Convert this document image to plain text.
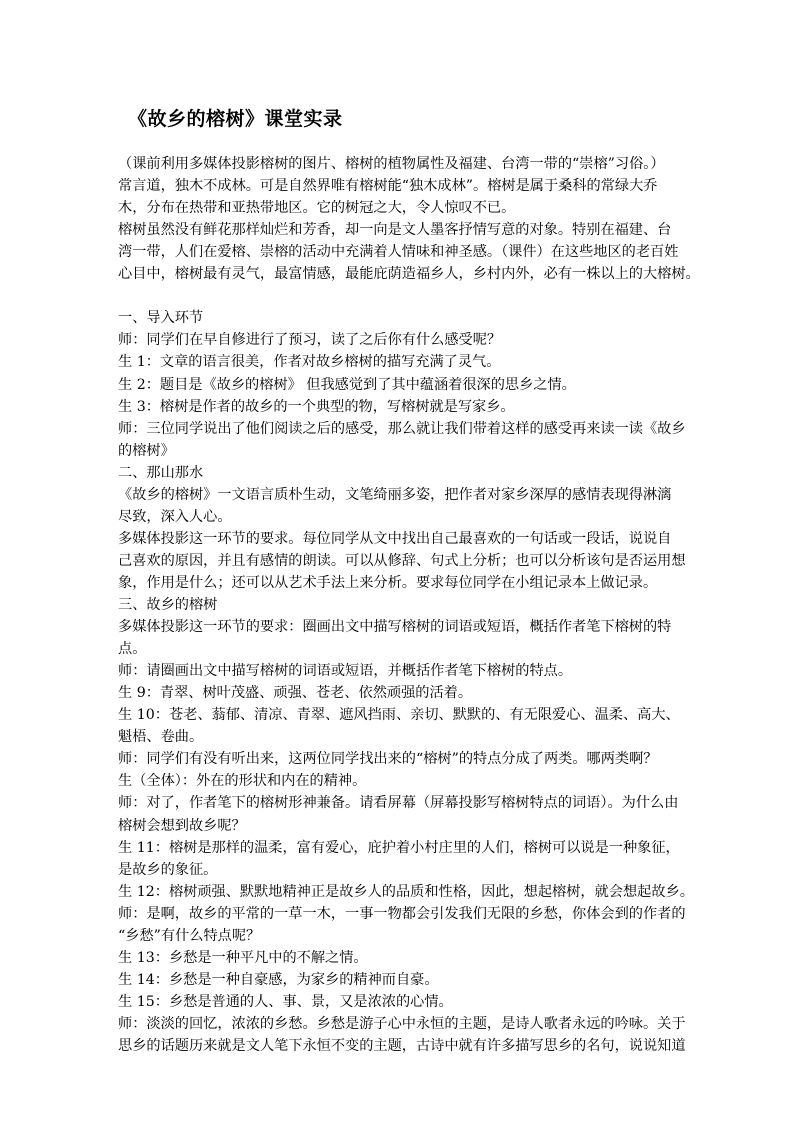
《故乡的榕树》课堂实录
（课前利用多媒体投影榕树的图片、榕树的植物属性及福建、台湾一带的“崇榕”习俗。）
常言道，独木不成林。可是自然界唯有榕树能“独木成林”。榕树是属于桑科的常绿大乔
木，分布在热带和亚热带地区。它的树冠之大，令人惊叹不已。
榕树虽然没有鲜花那样灿烂和芳香，却一向是文人墨客抒情写意的对象。特别在福建、台
湾一带，人们在爱榕、崇榕的活动中充满着人情味和神圣感。（课件）在这些地区的老百姓
心目中，榕树最有灵气，最富情感，最能庇荫造福乡人，乡村内外，必有一株以上的大榕树。
一、导入环节
师：同学们在早自修进行了预习，读了之后你有什么感受呢？
生 1：文章的语言很美，作者对故乡榕树的描写充满了灵气。
生 2：题目是《故乡的榕树》 但我感觉到了其中蕴涵着很深的思乡之情。
生 3：榕树是作者的故乡的一个典型的物，写榕树就是写家乡。
师：三位同学说出了他们阅读之后的感受，那么就让我们带着这样的感受再来读一读《故乡
的榕树》
二、那山那水
《故乡的榕树》一文语言质朴生动，文笔绮丽多姿，把作者对家乡深厚的感情表现得淋漓
尽致，深入人心。
多媒体投影这一环节的要求。每位同学从文中找出自己最喜欢的一句话或一段话，说说自
己喜欢的原因，并且有感情的朗读。可以从修辞、句式上分析；也可以分析该句是否运用想
象，作用是什么；还可以从艺术手法上来分析。要求每位同学在小组记录本上做记录。
三、故乡的榕树
多媒体投影这一环节的要求：圈画出文中描写榕树的词语或短语，概括作者笔下榕树的特
点。
师：请圈画出文中描写榕树的词语或短语，并概括作者笔下榕树的特点。
生 9：青翠、树叶茂盛、顽强、苍老、依然顽强的活着。
生 10：苍老、蓊郁、清凉、青翠、遮风挡雨、亲切、默默的、有无限爱心、温柔、高大、
魁梧、卷曲。
师：同学们有没有听出来，这两位同学找出来的“榕树”的特点分成了两类。哪两类啊？
生（全体）：外在的形状和内在的精神。
师：对了，作者笔下的榕树形神兼备。请看屏幕（屏幕投影写榕树特点的词语）。为什么由
榕树会想到故乡呢？
生 11：榕树是那样的温柔，富有爱心，庇护着小村庄里的人们，榕树可以说是一种象征，
是故乡的象征。
生 12：榕树顽强、默默地精神正是故乡人的品质和性格，因此，想起榕树，就会想起故乡。
师：是啊，故乡的平常的一草一木，一事一物都会引发我们无限的乡愁，你体会到的作者的
“乡愁”有什么特点呢？
生 13：乡愁是一种平凡中的不解之情。
生 14：乡愁是一种自豪感，为家乡的精神而自豪。
生 15：乡愁是普通的人、事、景，又是浓浓的心情。
师：淡淡的回忆，浓浓的乡愁。乡愁是游子心中永恒的主题，是诗人歌者永远的吟咏。关于
思乡的话题历来就是文人笔下永恒不变的主题，古诗中就有许多描写思乡的名句，说说知道
